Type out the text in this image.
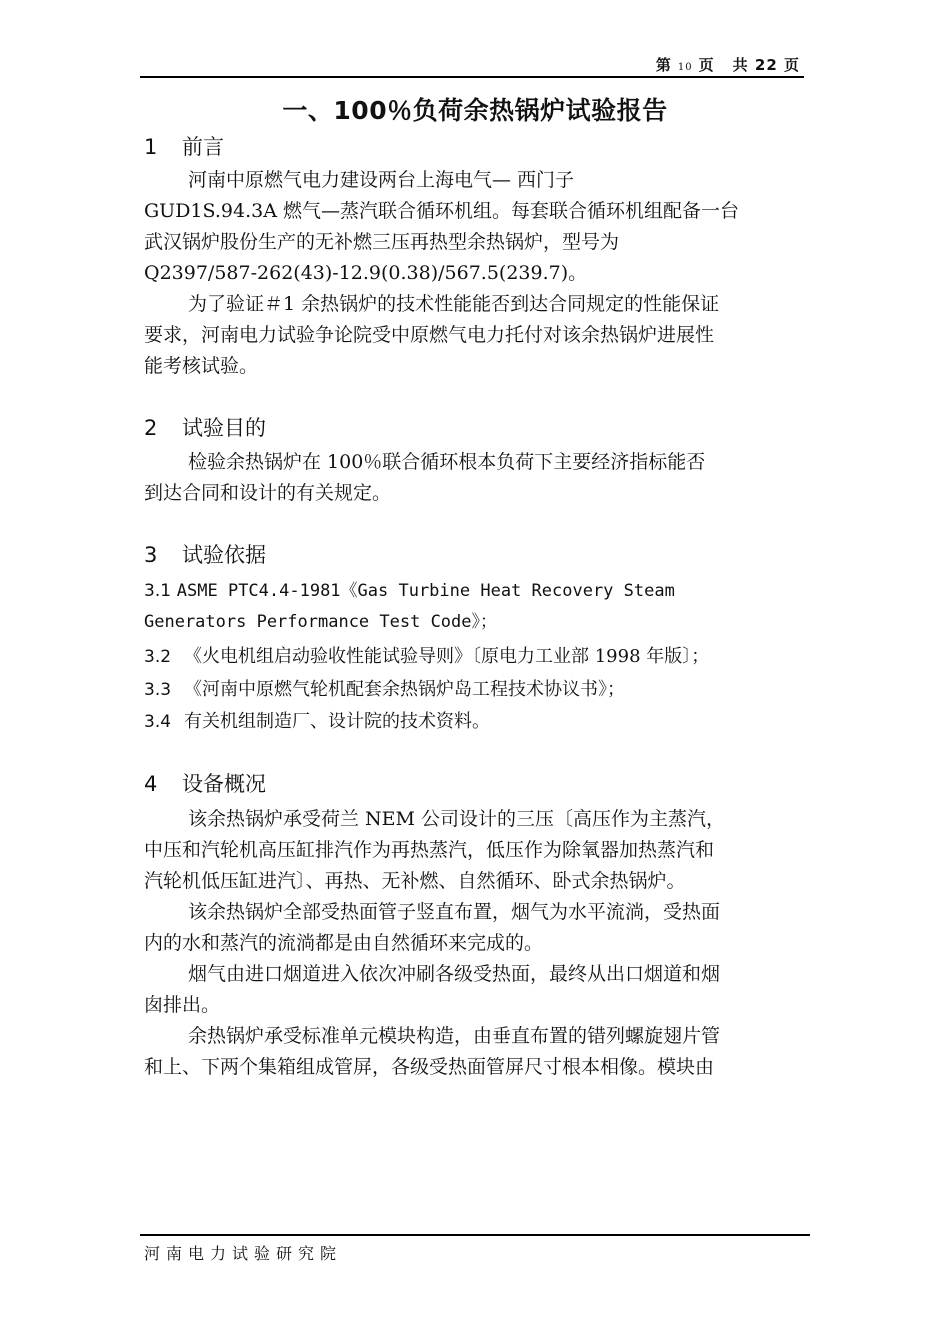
第 10 页 共 22 页
一、100％负荷余热锅炉试验报告
1 前言
河南中原燃气电力建设两台上海电气— 西门子
GUD1S.94.3A 燃气—蒸汽联合循环机组。每套联合循环机组配备一台
武汉锅炉股份生产的无补燃三压再热型余热锅炉，型号为
Q2397/587-262(43)-12.9(0.38)/567.5(239.7)。
为了验证＃1 余热锅炉的技术性能能否到达合同规定的性能保证
要求，河南电力试验争论院受中原燃气电力托付对该余热锅炉进展性
能考核试验。
2 试验目的
检验余热锅炉在 100％联合循环根本负荷下主要经济指标能否
到达合同和设计的有关规定。
3 试验依据
3.1 ASME PTC4.4-1981《Gas Turbine Heat Recovery Steam
Generators Performance Test Code》；
3.2 《火电机组启动验收性能试验导则》〔原电力工业部 1998 年版〕；
3.3 《河南中原燃气轮机配套余热锅炉岛工程技术协议书》；
3.4 有关机组制造厂、设计院的技术资料。
4 设备概况
该余热锅炉承受荷兰 NEM 公司设计的三压〔高压作为主蒸汽，
中压和汽轮机高压缸排汽作为再热蒸汽，低压作为除氧器加热蒸汽和
汽轮机低压缸进汽〕、再热、无补燃、自然循环、卧式余热锅炉。
该余热锅炉全部受热面管子竖直布置，烟气为水平流淌，受热面
内的水和蒸汽的流淌都是由自然循环来完成的。
烟气由进口烟道进入依次冲刷各级受热面，最终从出口烟道和烟
囱排出。
余热锅炉承受标准单元模块构造，由垂直布置的错列螺旋翅片管
和上、下两个集箱组成管屏，各级受热面管屏尺寸根本相像。模块由
河南电力试验研究院
